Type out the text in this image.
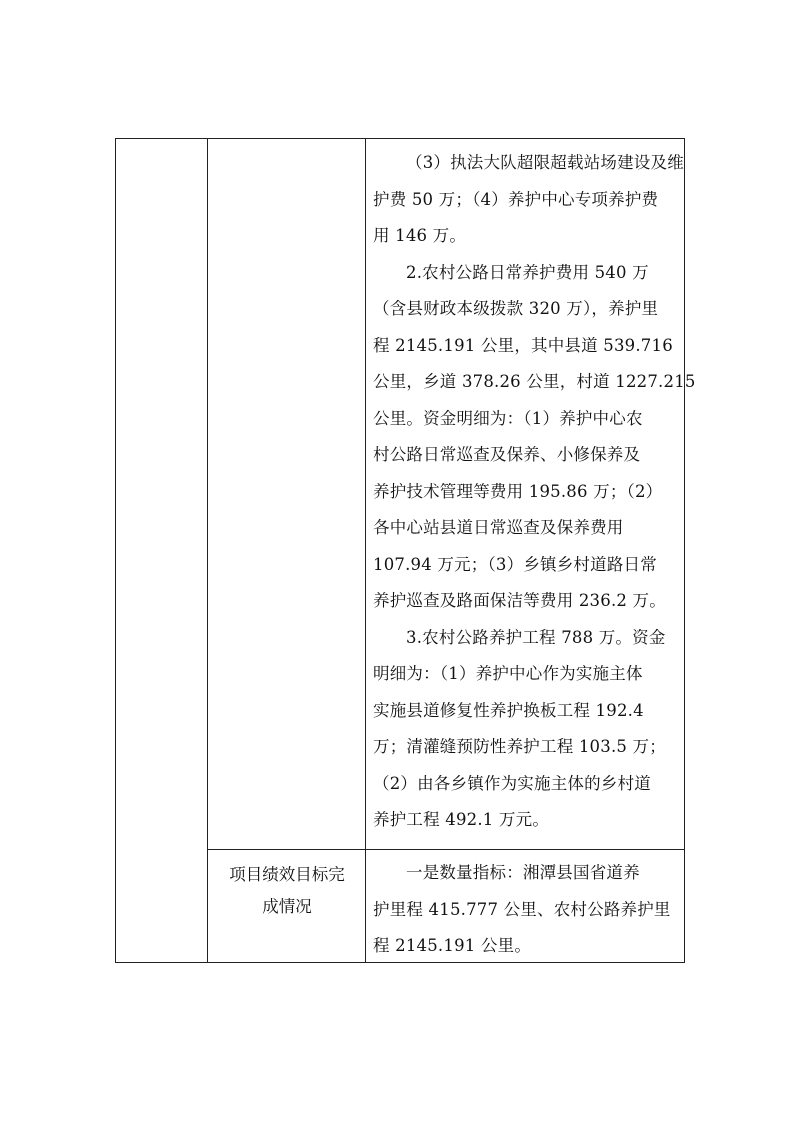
（3）执法大队超限超载站场建设及维
护费 50 万；（4）养护中心专项养护费
用 146 万。

2.农村公路日常养护费用 540 万
（含县财政本级拨款 320 万），养护里
程 2145.191 公里，其中县道 539.716
公里，乡道 378.26 公里，村道 1227.215
公里。资金明细为：（1）养护中心农
村公路日常巡查及保养、小修保养及
养护技术管理等费用 195.86 万；（2）
各中心站县道日常巡查及保养费用
107.94 万元；（3）乡镇乡村道路日常
养护巡查及路面保洁等费用 236.2 万。

3.农村公路养护工程 788 万。资金
明细为：（1）养护中心作为实施主体
实施县道修复性养护换板工程 192.4
万；清灌缝预防性养护工程 103.5 万；
（2）由各乡镇作为实施主体的乡村道
养护工程 492.1 万元。

项目绩效目标完
成情况

一是数量指标：湘潭县国省道养
护里程 415.777 公里、农村公路养护里
程 2145.191 公里。
